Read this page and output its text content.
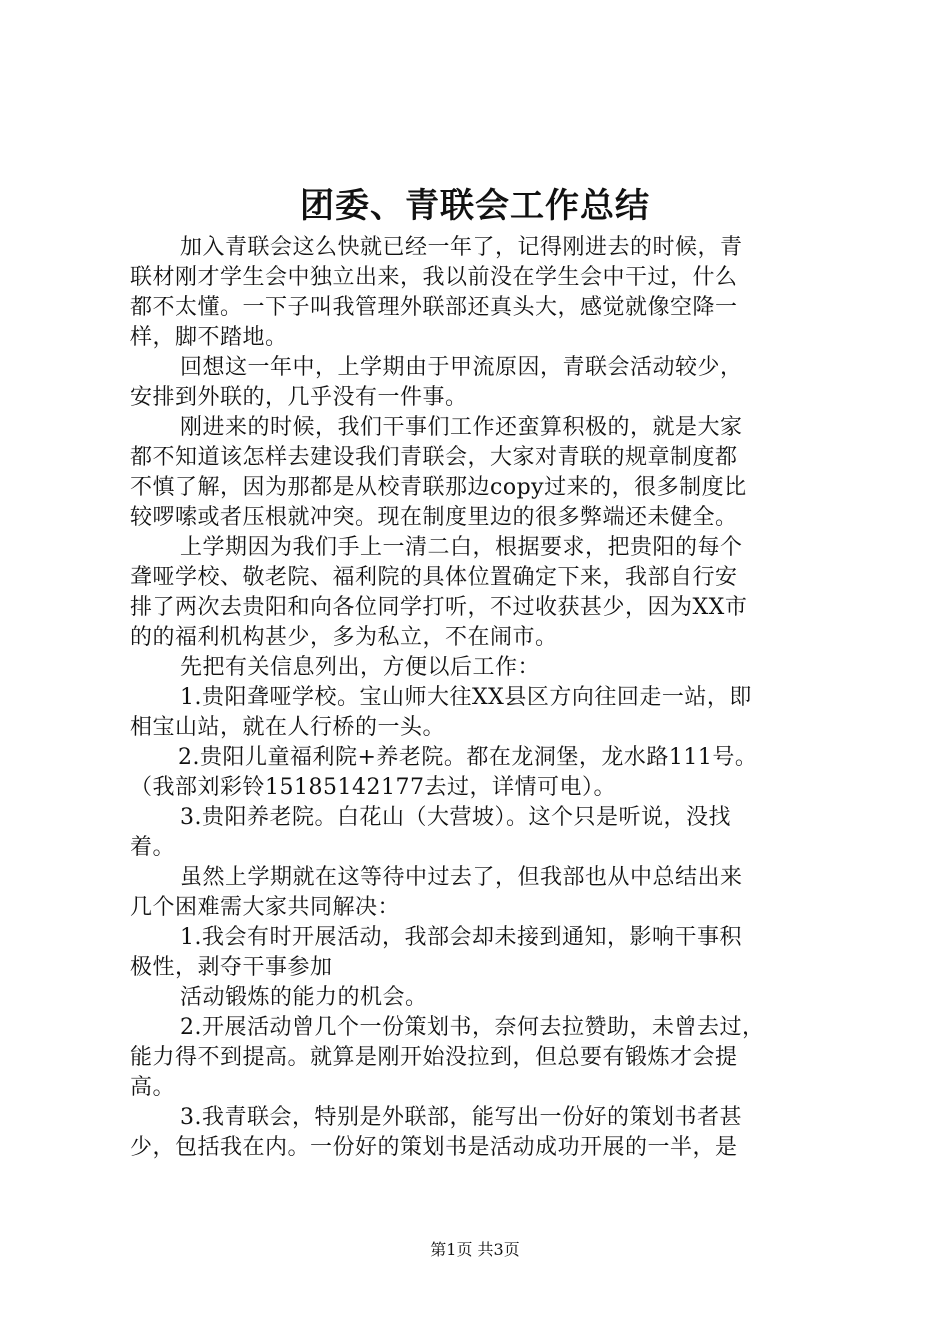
团委、青联会工作总结
加入青联会这么快就已经一年了，记得刚进去的时候，青
联材刚才学生会中独立出来，我以前没在学生会中干过，什么
都不太懂。一下子叫我管理外联部还真头大，感觉就像空降一
样，脚不踏地。
回想这一年中，上学期由于甲流原因，青联会活动较少，
安排到外联的，几乎没有一件事。
刚进来的时候，我们干事们工作还蛮算积极的，就是大家
都不知道该怎样去建设我们青联会，大家对青联的规章制度都
不慎了解，因为那都是从校青联那边copy过来的，很多制度比
较啰嗦或者压根就冲突。现在制度里边的很多弊端还未健全。
上学期因为我们手上一清二白，根据要求，把贵阳的每个
聋哑学校、敬老院、福利院的具体位置确定下来，我部自行安
排了两次去贵阳和向各位同学打听，不过收获甚少，因为XX市
的的福利机构甚少，多为私立，不在闹市。
先把有关信息列出，方便以后工作：
1.贵阳聋哑学校。宝山师大往XX县区方向往回走一站，即
相宝山站，就在人行桥的一头。
2.贵阳儿童福利院+养老院。都在龙洞堡，龙水路111号。
（我部刘彩铃15185142177去过，详情可电）。
3.贵阳养老院。白花山（大营坡）。这个只是听说，没找
着。
虽然上学期就在这等待中过去了，但我部也从中总结出来
几个困难需大家共同解决：
1.我会有时开展活动，我部会却未接到通知，影响干事积
极性，剥夺干事参加
活动锻炼的能力的机会。
2.开展活动曾几个一份策划书，奈何去拉赞助，未曾去过，
能力得不到提高。就算是刚开始没拉到，但总要有锻炼才会提
高。
3.我青联会，特别是外联部，能写出一份好的策划书者甚
少，包括我在内。一份好的策划书是活动成功开展的一半，是
第1页 共3页
